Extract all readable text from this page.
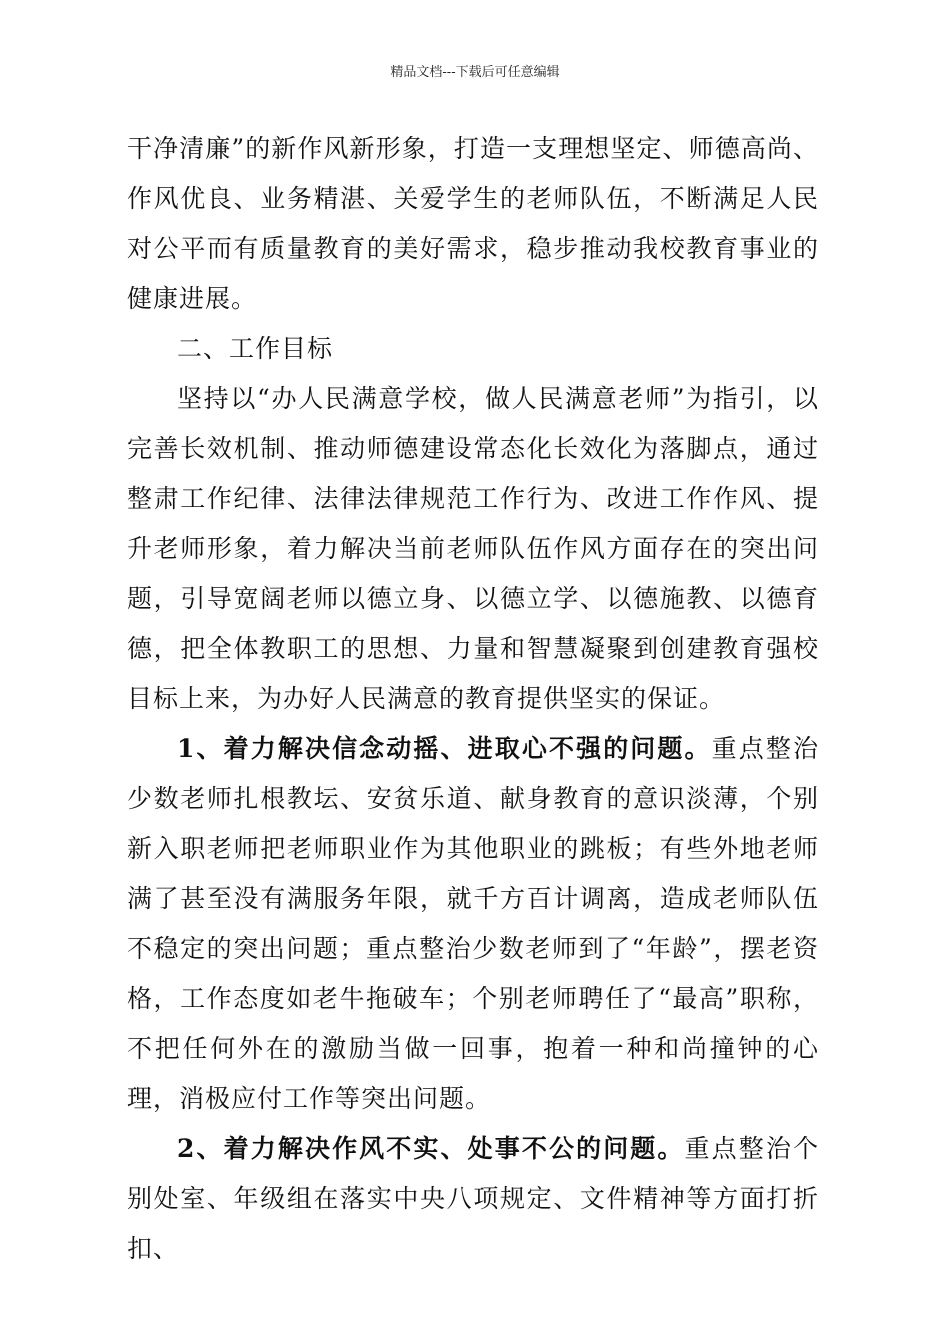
精品文档---下载后可任意编辑

干净清廉”的新作风新形象，打造一支理想坚定、师德高尚、作风优良、业务精湛、关爱学生的老师队伍，不断满足人民对公平而有质量教育的美好需求，稳步推动我校教育事业的健康进展。

二、工作目标

坚持以“办人民满意学校，做人民满意老师”为指引，以完善长效机制、推动师德建设常态化长效化为落脚点，通过整肃工作纪律、法律法律规范工作行为、改进工作作风、提升老师形象，着力解决当前老师队伍作风方面存在的突出问题，引导宽阔老师以德立身、以德立学、以德施教、以德育德，把全体教职工的思想、力量和智慧凝聚到创建教育强校目标上来，为办好人民满意的教育提供坚实的保证。

1、着力解决信念动摇、进取心不强的问题。重点整治少数老师扎根教坛、安贫乐道、献身教育的意识淡薄，个别新入职老师把老师职业作为其他职业的跳板；有些外地老师满了甚至没有满服务年限，就千方百计调离，造成老师队伍不稳定的突出问题；重点整治少数老师到了“年龄”，摆老资格，工作态度如老牛拖破车；个别老师聘任了“最高”职称，不把任何外在的激励当做一回事，抱着一种和尚撞钟的心理，消极应付工作等突出问题。

2、着力解决作风不实、处事不公的问题。重点整治个别处室、年级组在落实中央八项规定、文件精神等方面打折扣、
